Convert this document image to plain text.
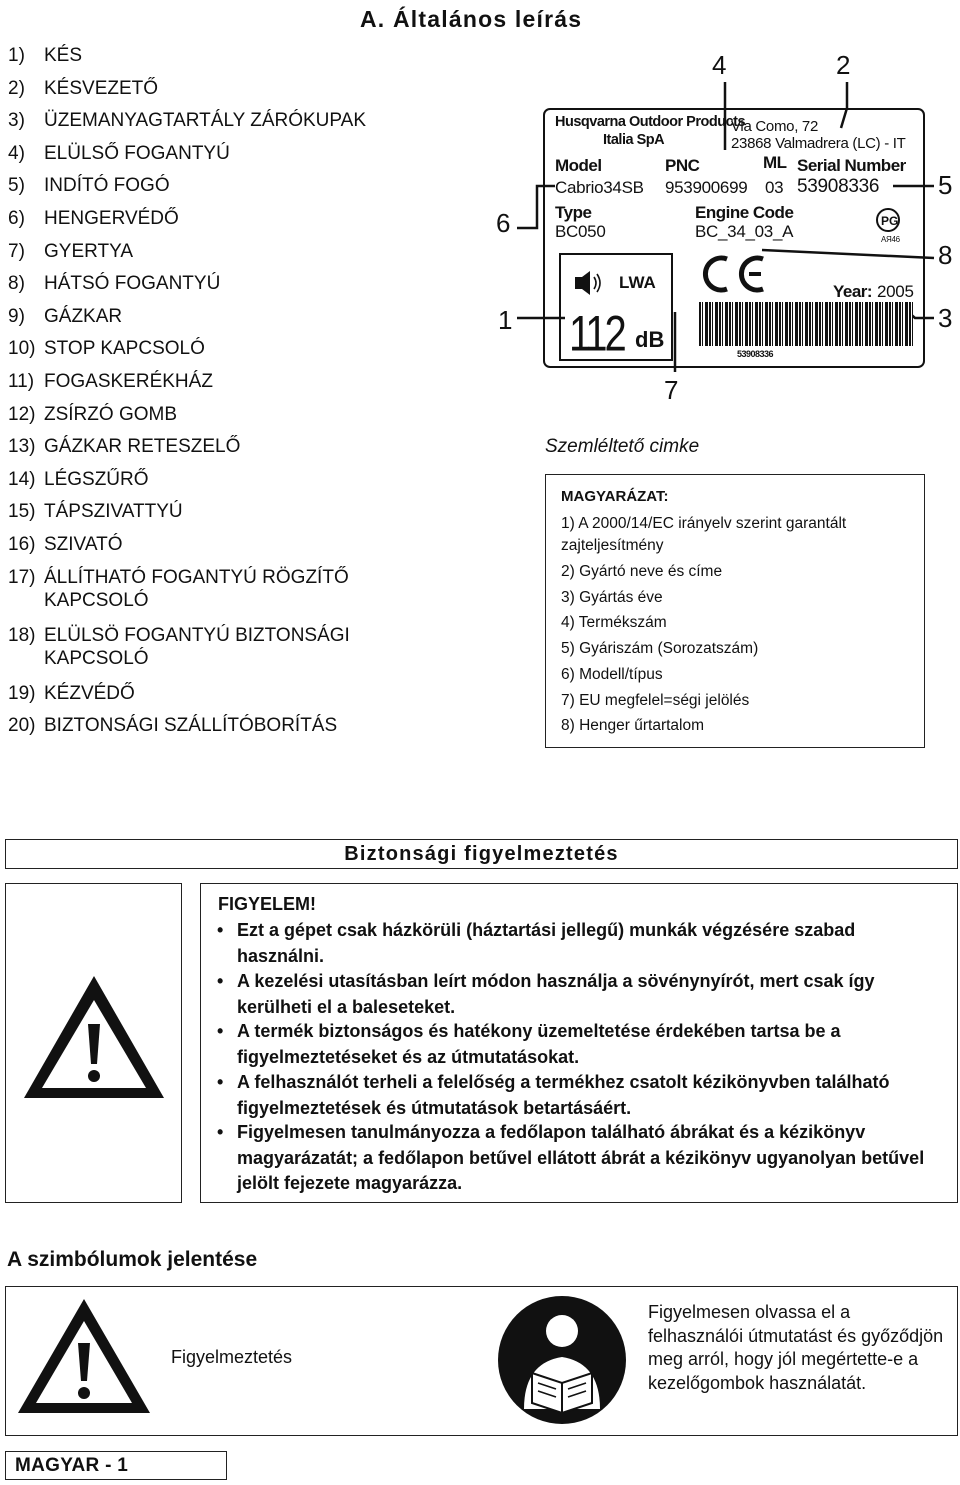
A. Általános leírás
1) KÉS
2) KÉSVEZETŐ
3) ÜZEMANYAGTARTÁLY ZÁRÓKUPAK
4) ELÜLSŐ FOGANTYÚ
5) INDÍTÓ FOGÓ
6) HENGERVÉDŐ
7) GYERTYA
8) HÁTSÓ FOGANTYÚ
9) GÁZKAR
10) STOP KAPCSOLÓ
11) FOGASKERÉKHÁZ
12) ZSÍRZÓ GOMB
13) GÁZKAR RETESZELŐ
14) LÉGSZŰRŐ
15) TÁPSZIVATTYÚ
16) SZIVATÓ
17) ÁLLÍTHATÓ FOGANTYÚ RÖGZÍTŐ KAPCSOLÓ
18) ELÜLSÖ FOGANTYÚ BIZTONSÁGI KAPCSOLÓ
19) KÉZVÉDŐ
20) BIZTONSÁGI SZÁLLÍTÓBORÍTÁS
4	2
5
8
3
6
1
7
Husqvarna Outdoor Products
Italia SpA
Via Como, 72
23868 Valmadrera (LC) - IT
Model	PNC	ML Serial Number
Cabrio34SB 953900699 03 53908336
Type
BC050
Engine Code
BC_34_03_A	AЯ46
Year: 2005
53908336
LWA
112 dB
PG
Szemléltető cimke
MAGYARÁZAT:
1) A 2000/14/EC irányelv szerint garantált zajteljesítmény
2) Gyártó neve és címe
3) Gyártás éve
4) Termékszám
5) Gyáriszám (Sorozatszám)
6) Modell/típus
7) EU megfelel=ségi jelölés
8) Henger űrtartalom
Biztonsági figyelmeztetés
FIGYELEM!
• Ezt a gépet csak házkörüli (háztartási jellegű) munkák végzésére szabad használni.
• A kezelési utasításban leírt módon használja a sövénynyírót, mert csak így kerülheti el a baleseteket.
• A termék biztonságos és hatékony üzemeltetése érdekében tartsa be a figyelmeztetéseket és az útmutatásokat.
• A felhasználót terheli a felelőség a termékhez csatolt kézikönyvben található figyelmeztetések és útmutatások betartásáért.
• Figyelmesen tanulmányozza a fedőlapon található ábrákat és a kézikönyv magyarázatát; a fedőlapon betűvel ellátott ábrát a kézikönyv ugyanolyan betűvel jelölt fejezete magyarázza.
A szimbólumok jelentése
Figyelmeztetés
Figyelmesen olvassa el a felhasználói útmutatást és győződjön meg arról, hogy jól megértette-e a kezelőgombok használatát.
MAGYAR - 1
